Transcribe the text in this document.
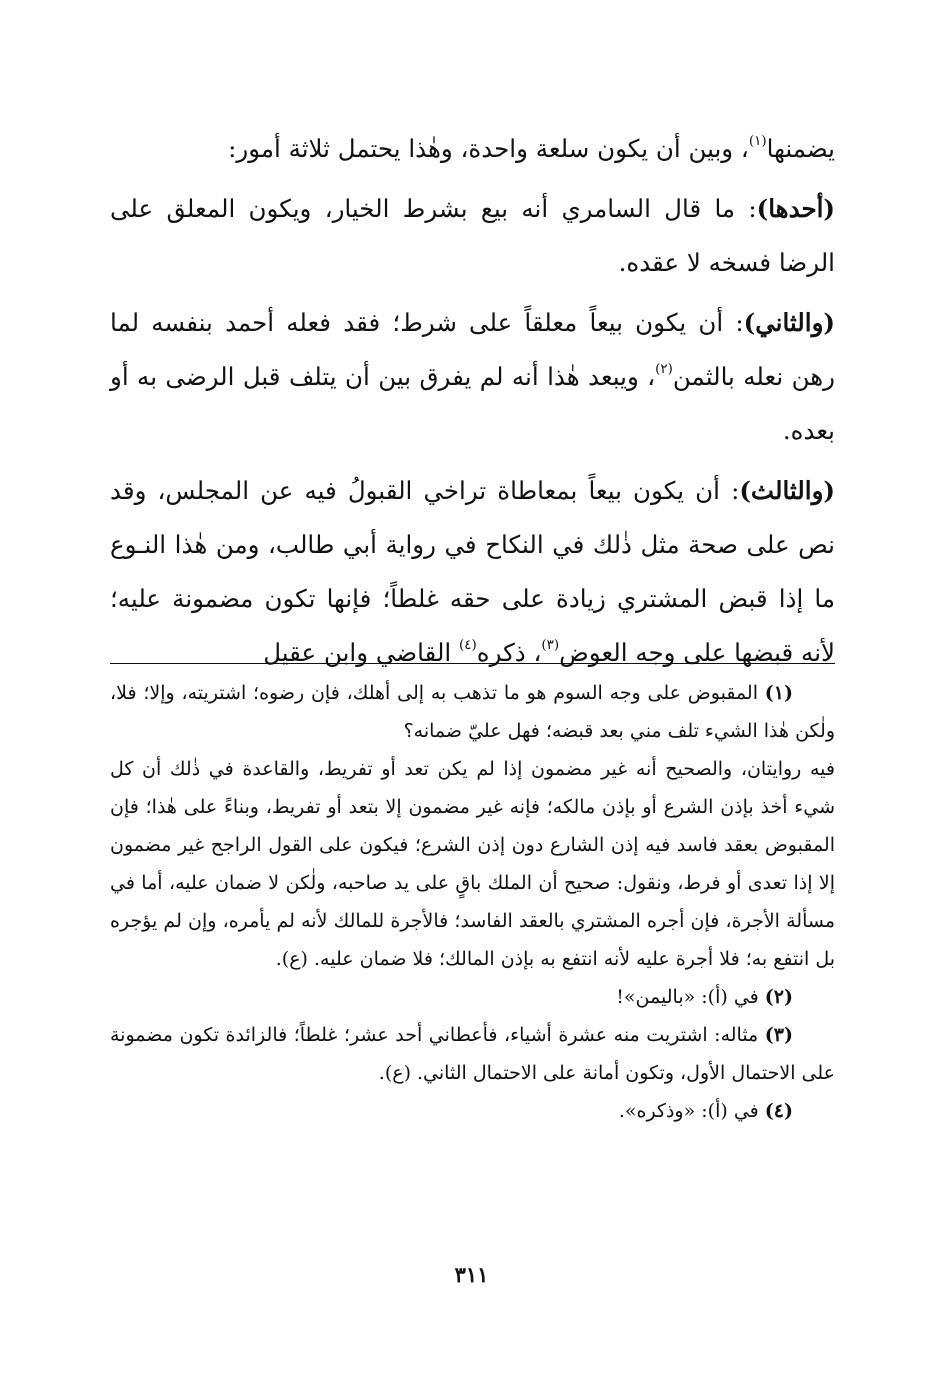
يضمنها$^{(١)}$، وبين أن يكون سلعة واحدة، وهٰذا يحتمل ثلاثة أمور:

(أحدها): ما قال السامري أنه بيع بشرط الخيار، ويكون المعلق على الرضا فسخه لا عقده.

(والثاني): أن يكون بيعاً معلقاً على شرط؛ فقد فعله أحمد بنفسه لما رهن نعله بالثمن$^{(٢)}$، ويبعد هٰذا أنه لم يفرق بين أن يتلف قبل الرضى به أو بعده.

(والثالث): أن يكون بيعاً بمعاطاة تراخي القبولُ فيه عن المجلس، وقد نص على صحة مثل ذٰلك في النكاح في رواية أبي طالب، ومن هٰذا النـوع ما إذا قبض المشتري زيادة على حقه غلطاً؛ فإنها تكون مضمونة عليه؛ لأنه قبضها على وجه العوض$^{(٣)}$، ذكره$^{(٤)}$ القاضي وابن عقيل

(١) المقبوض على وجه السوم هو ما تذهب به إلى أهلك، فإن رضوه؛ اشتريته، وإلا؛ فلا، ولٰكن هٰذا الشيء تلف مني بعد قبضه؛ فهل عليّ ضمانه؟

فيه روايتان، والصحيح أنه غير مضمون إذا لم يكن تعد أو تفريط، والقاعدة في ذٰلك أن كل شيء أخذ بإذن الشرع أو بإذن مالكه؛ فإنه غير مضمون إلا بتعد أو تفريط، وبناءً على هٰذا؛ فإن المقبوض بعقد فاسد فيه إذن الشارع دون إذن الشرع؛ فيكون على القول الراجح غير مضمون إلا إذا تعدى أو فرط، ونقول: صحيح أن الملك باقٍ على يد صاحبه، ولٰكن لا ضمان عليه، أما في مسألة الأجرة، فإن أجره المشتري بالعقد الفاسد؛ فالأجرة للمالك لأنه لم يأمره، وإن لم يؤجره بل انتفع به؛ فلا أجرة عليه لأنه انتفع به بإذن المالك؛ فلا ضمان عليه. (ع).

(٢) في (أ): «باليمن»!

(٣) مثاله: اشتريت منه عشرة أشياء، فأعطاني أحد عشر؛ غلطاً؛ فالزائدة تكون مضمونة على الاحتمال الأول، وتكون أمانة على الاحتمال الثاني. (ع).

(٤) في (أ): «وذكره».

٣١١
